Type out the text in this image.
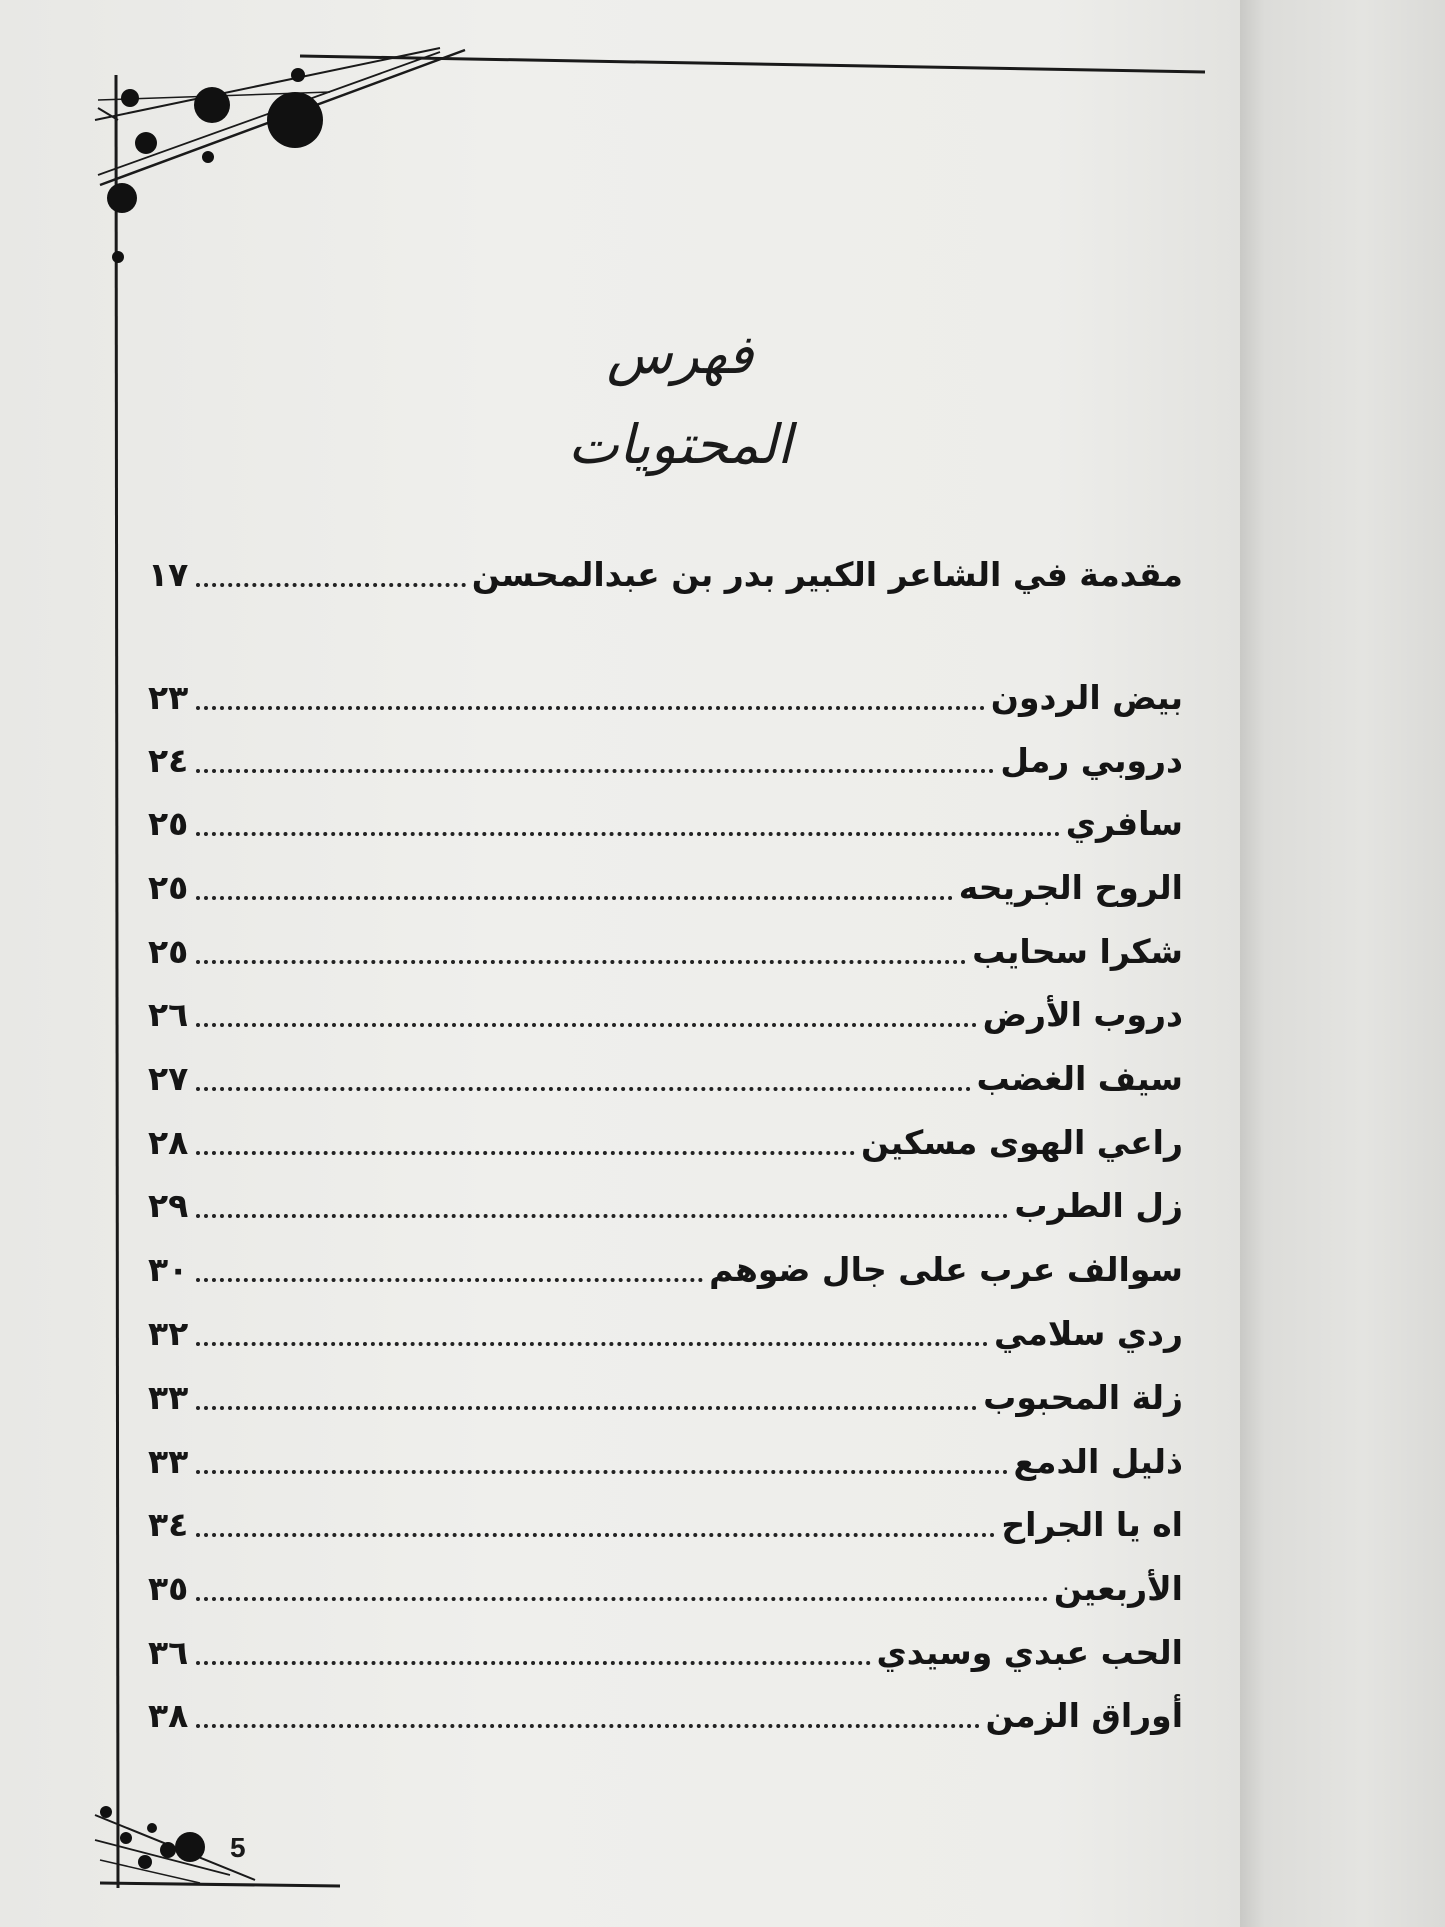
فهرس المحتويات
مقدمة في الشاعر الكبير بدر بن عبدالمحسن
١٧
بيض الردون
٢٣
دروبي رمل
٢٤
سافري
٢٥
الروح الجريحه
٢٥
شكرا سحايب
٢٥
دروب الأرض
٢٦
سيف الغضب
٢٧
راعي الهوى مسكين
٢٨
زل الطرب
٢٩
سوالف عرب على جال ضوهم
٣٠
ردي سلامي
٣٢
زلة المحبوب
٣٣
ذليل الدمع
٣٣
اه يا الجراح
٣٤
الأربعين
٣٥
الحب عبدي وسيدي
٣٦
أوراق الزمن
٣٨
5
